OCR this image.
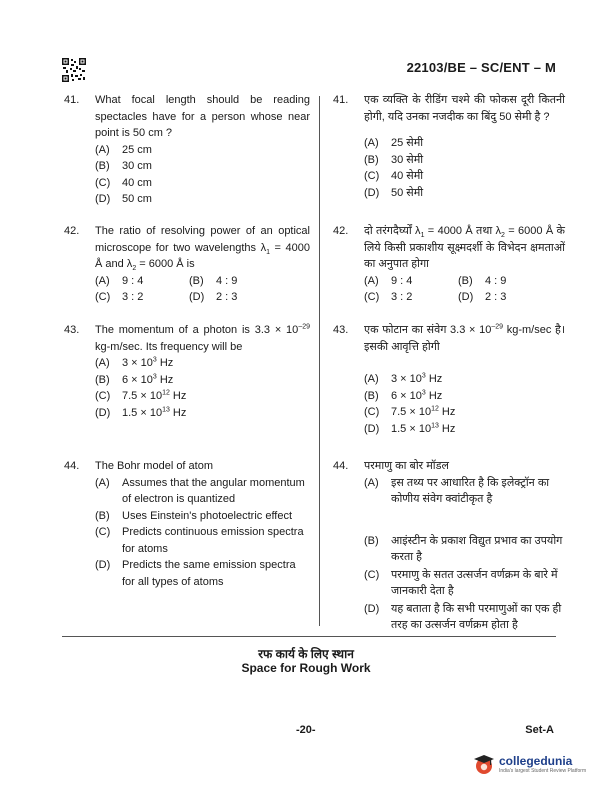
22103/BE – SC/ENT – M
41.	What focal length should be reading spectacles have for a person whose near point is 50 cm ?
(A)	25 cm
(B)	30 cm
(C)	40 cm
(D)	50 cm
42.	The ratio of resolving power of an optical microscope for two wavelengths $\lambda_1 = 4000$ Å and $\lambda_2 = 6000$ Å is
(A)	9 : 4	(B)	4 : 9
(C)	3 : 2	(D)	2 : 3
43.	The momentum of a photon is $3.3 \times 10^{-29}$ kg-m/sec. Its frequency will be
(A)	$3 \times 10^3$ Hz
(B)	$6 \times 10^3$ Hz
(C)	$7.5 \times 10^{12}$ Hz
(D)	$1.5 \times 10^{13}$ Hz
44.	The Bohr model of atom
(A)	Assumes that the angular momentum of electron is quantized
(B)	Uses Einstein's photoelectric effect
(C)	Predicts continuous emission spectra for atoms
(D)	Predicts the same emission spectra for all types of atoms
41.	एक व्यक्ति के रीडिंग चश्मे की फोकस दूरी कितनी होगी, यदि उनका नजदीक का बिंदु 50 सेमी है ?
(A)	25 सेमी
(B)	30 सेमी
(C)	40 सेमी
(D)	50 सेमी
42.	दो तरंगदैर्घ्यों $\lambda_1 = 4000$ Å तथा $\lambda_2 = 6000$ Å के लिये किसी प्रकाशीय सूक्ष्मदर्शी के विभेदन क्षमताओं का अनुपात होगा
(A)	9 : 4	(B)	4 : 9
(C)	3 : 2	(D)	2 : 3
43.	एक फोटान का संवेग $3.3 \times 10^{-29}$ kg-m/sec है। इसकी आवृत्ति होगी
(A)	$3 \times 10^3$ Hz
(B)	$6 \times 10^3$ Hz
(C)	$7.5 \times 10^{12}$ Hz
(D)	$1.5 \times 10^{13}$ Hz
44.	परमाणु का बोर मॉडल
(A)	इस तथ्य पर आधारित है कि इलेक्ट्रॉन का कोणीय संवेग क्वांटीकृत है
(B)	आइंस्टीन के प्रकाश विद्युत प्रभाव का उपयोग करता है
(C)	परमाणु के सतत उत्सर्जन वर्णक्रम के बारे में जानकारी देता है
(D)	यह बताता है कि सभी परमाणुओं का एक ही तरह का उत्सर्जन वर्णक्रम होता है
रफ कार्य के लिए स्थान
Space for Rough Work
-20-	Set-A
collegedunia
India's largest Student Review Platform
